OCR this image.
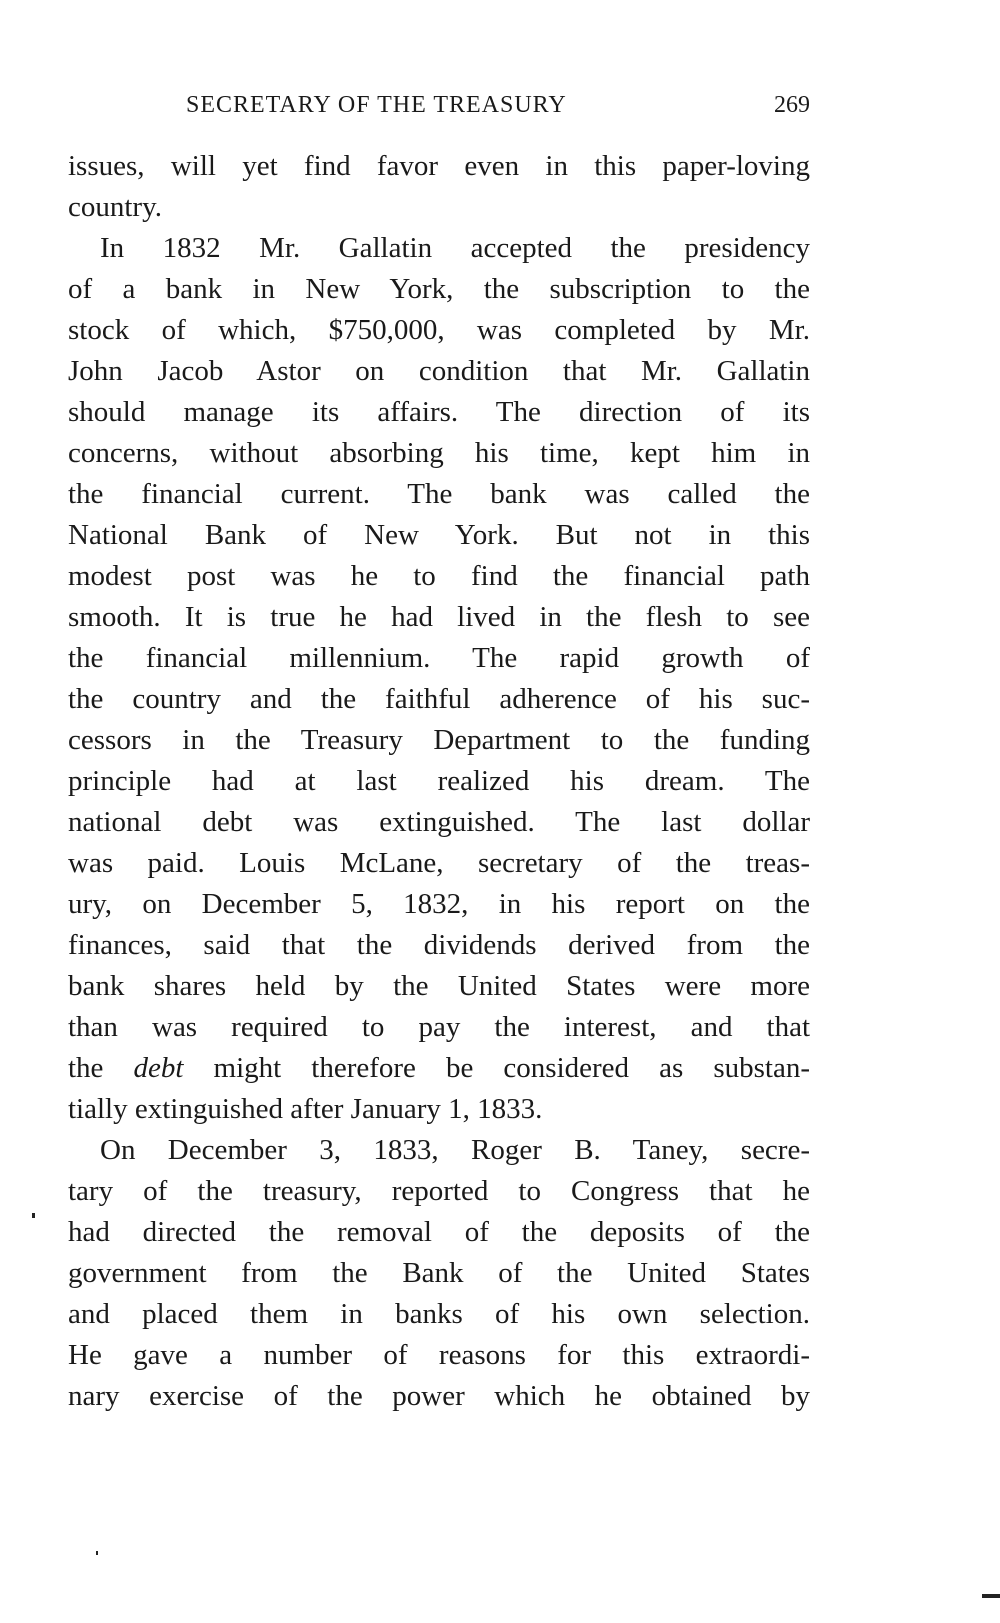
SECRETARY OF THE TREASURY	269
issues, will yet find favor even in this paper-loving
country.
In 1832 Mr. Gallatin accepted the presidency
of a bank in New York, the subscription to the
stock of which, $750,000, was completed by Mr.
John Jacob Astor on condition that Mr. Gallatin
should manage its affairs. The direction of its
concerns, without absorbing his time, kept him in
the financial current. The bank was called the
National Bank of New York. But not in this
modest post was he to find the financial path
smooth. It is true he had lived in the flesh to see
the financial millennium. The rapid growth of
the country and the faithful adherence of his suc-
cessors in the Treasury Department to the funding
principle had at last realized his dream. The
national debt was extinguished. The last dollar
was paid. Louis McLane, secretary of the treas-
ury, on December 5, 1832, in his report on the
finances, said that the dividends derived from the
bank shares held by the United States were more
than was required to pay the interest, and that
the debt might therefore be considered as substan-
tially extinguished after January 1, 1833.
On December 3, 1833, Roger B. Taney, secre-
tary of the treasury, reported to Congress that he
had directed the removal of the deposits of the
government from the Bank of the United States
and placed them in banks of his own selection.
He gave a number of reasons for this extraordi-
nary exercise of the power which he obtained by
